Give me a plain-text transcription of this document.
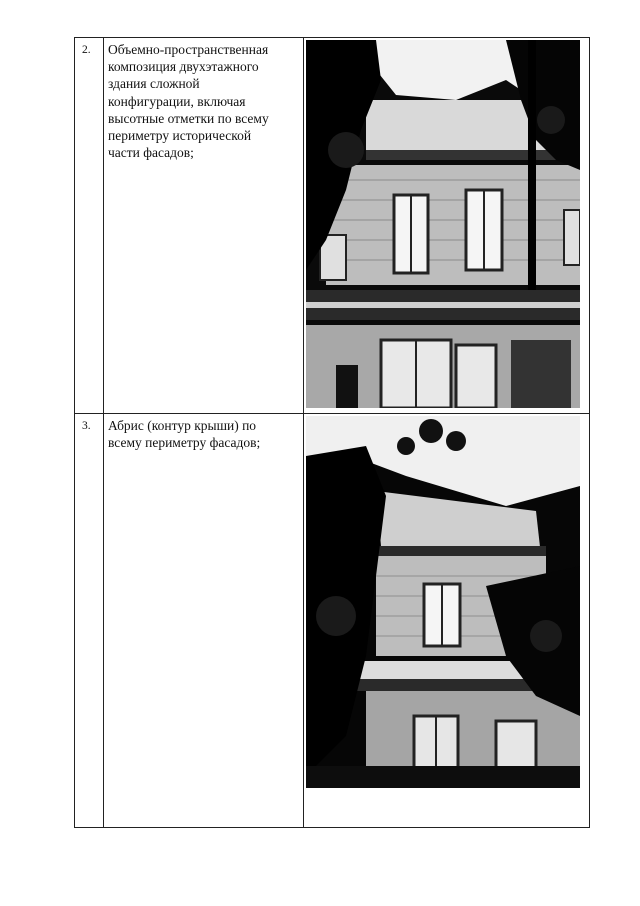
2. Объемно-пространственная
композиция двухэтажного
здания сложной
конфигурации, включая
высотные отметки по всему
периметру исторической
части фасадов;
3. Абрис (контур крыши) по
всему периметру фасадов;
